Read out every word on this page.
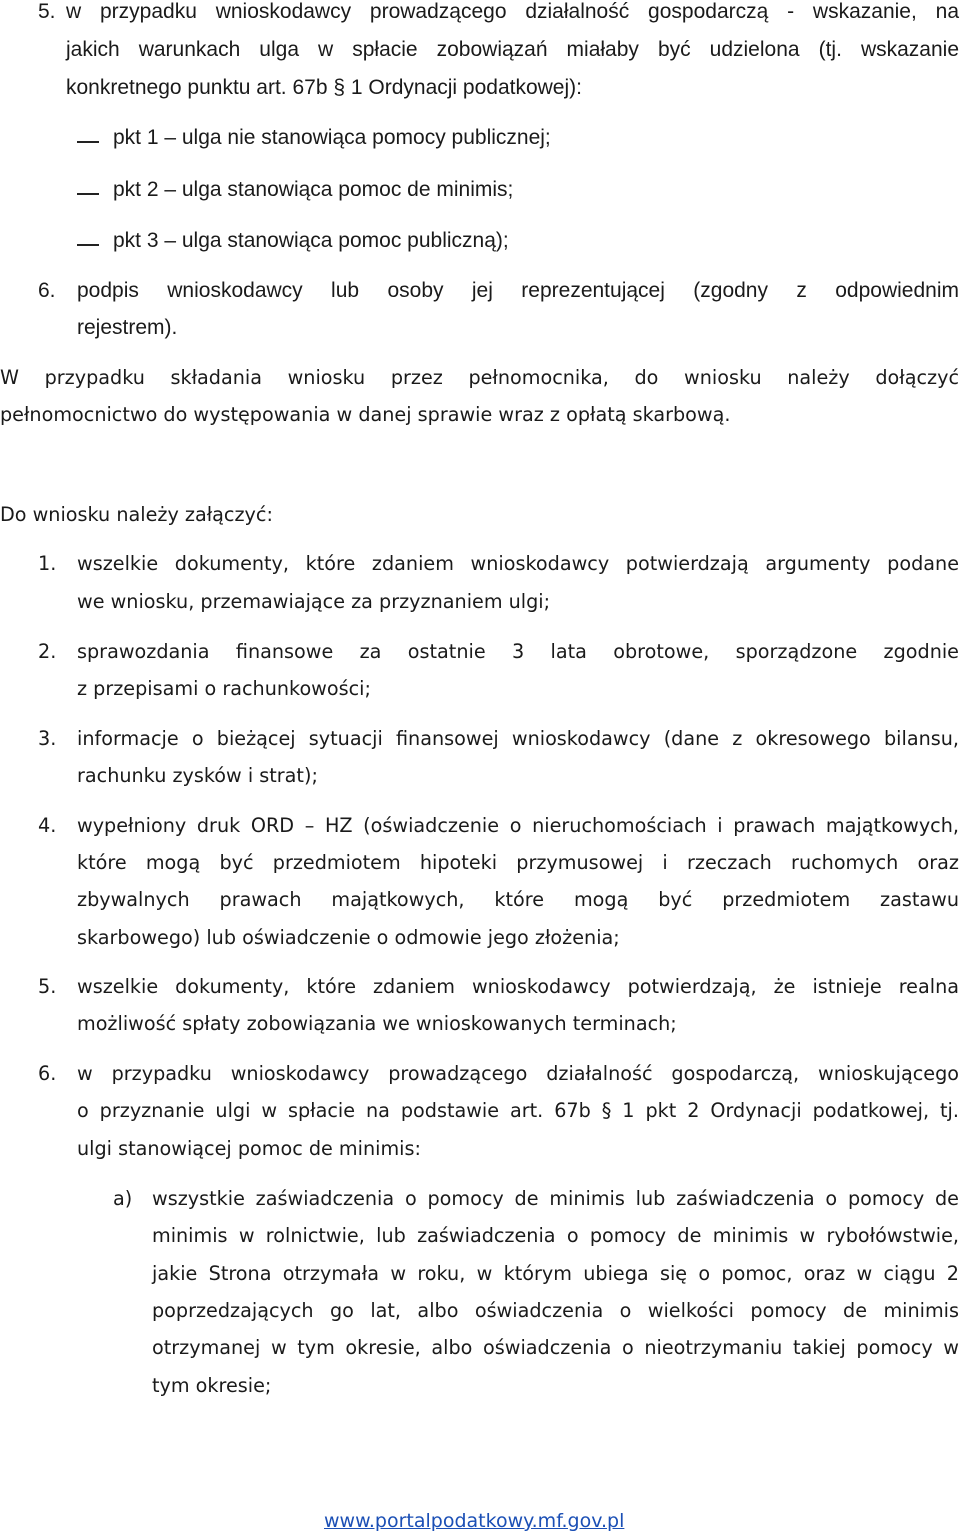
5. w przypadku wnioskodawcy prowadzącego działalność gospodarczą - wskazanie, na
jakich warunkach ulga w spłacie zobowiązań miałaby być udzielona (tj. wskazanie
konkretnego punktu art. 67b § 1 Ordynacji podatkowej):
pkt 1 – ulga nie stanowiąca pomocy publicznej;
pkt 2 – ulga stanowiąca pomoc de minimis;
pkt 3 – ulga stanowiąca pomoc publiczną);
6. podpis wnioskodawcy lub osoby jej reprezentującej (zgodny z odpowiednim
rejestrem).
W przypadku składania wniosku przez pełnomocnika, do wniosku należy dołączyć
pełnomocnictwo do występowania w danej sprawie wraz z opłatą skarbową.
Do wniosku należy załączyć:
1. wszelkie dokumenty, które zdaniem wnioskodawcy potwierdzają argumenty podane
we wniosku, przemawiające za przyznaniem ulgi;
2. sprawozdania finansowe za ostatnie 3 lata obrotowe, sporządzone zgodnie
z przepisami o rachunkowości;
3. informacje o bieżącej sytuacji finansowej wnioskodawcy (dane z okresowego bilansu,
rachunku zysków i strat);
4. wypełniony druk ORD – HZ (oświadczenie o nieruchomościach i prawach majątkowych,
które mogą być przedmiotem hipoteki przymusowej i rzeczach ruchomych oraz
zbywalnych prawach majątkowych, które mogą być przedmiotem zastawu
skarbowego) lub oświadczenie o odmowie jego złożenia;
5. wszelkie dokumenty, które zdaniem wnioskodawcy potwierdzają, że istnieje realna
możliwość spłaty zobowiązania we wnioskowanych terminach;
6. w przypadku wnioskodawcy prowadzącego działalność gospodarczą, wnioskującego
o przyznanie ulgi w spłacie na podstawie art. 67b § 1 pkt 2 Ordynacji podatkowej, tj.
ulgi stanowiącej pomoc de minimis:
a) wszystkie zaświadczenia o pomocy de minimis lub zaświadczenia o pomocy de
minimis w rolnictwie, lub zaświadczenia o pomocy de minimis w rybołówstwie,
jakie Strona otrzymała w roku, w którym ubiega się o pomoc, oraz w ciągu 2
poprzedzających go lat, albo oświadczenia o wielkości pomocy de minimis
otrzymanej w tym okresie, albo oświadczenia o nieotrzymaniu takiej pomocy w
tym okresie;
www.portalpodatkowy.mf.gov.pl
